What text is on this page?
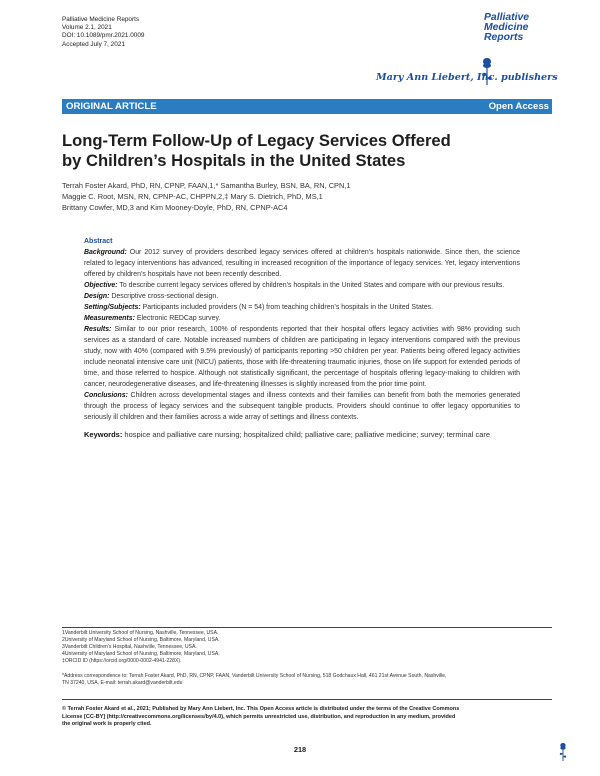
Palliative Medicine Reports
Volume 2.1, 2021
DOI: 10.1089/pmr.2021.0009
Accepted July 7, 2021
Palliative
Medicine
Reports
Mary Ann Liebert, Inc. publishers
ORIGINAL ARTICLE	Open Access
Long-Term Follow-Up of Legacy Services Offered
by Children’s Hospitals in the United States
Terrah Foster Akard, PhD, RN, CPNP, FAAN,1,* Samantha Burley, BSN, BA, RN, CPN,1
Maggie C. Root, MSN, RN, CPNP-AC, CHPPN,2,‡ Mary S. Dietrich, PhD, MS,1
Brittany Cowfer, MD,3 and Kim Mooney-Doyle, PhD, RN, CPNP-AC4
Abstract
Background: Our 2012 survey of providers described legacy services offered at children’s hospitals nationwide. Since then, the science related to legacy interventions has advanced, resulting in increased recognition of the importance of legacy services. Yet, legacy interventions offered by children’s hospitals have not been recently described.
Objective: To describe current legacy services offered by children’s hospitals in the United States and compare with our previous results.
Design: Descriptive cross-sectional design.
Setting/Subjects: Participants included providers (N = 54) from teaching children’s hospitals in the United States.
Measurements: Electronic REDCap survey.
Results: Similar to our prior research, 100% of respondents reported that their hospital offers legacy activities with 98% providing such services as a standard of care. Notable increased numbers of children are participating in legacy interventions compared with the previous study, now with 40% (compared with 9.5% previously) of participants reporting >50 children per year. Patients being offered legacy activities include neonatal intensive care unit (NICU) patients, those with life-threatening traumatic injuries, those on life support for extended periods of time, and those referred to hospice. Although not statistically significant, the percentage of hospitals offering legacy-making to children with cancer, neurodegenerative diseases, and life-threatening illnesses is slightly increased from the prior time point.
Conclusions: Children across developmental stages and illness contexts and their families can benefit from both the memories generated through the process of legacy services and the subsequent tangible products. Providers should continue to offer legacy opportunities to seriously ill children and their families across a wide array of settings and illness contexts.
Keywords: hospice and palliative care nursing; hospitalized child; palliative care; palliative medicine; survey; terminal care
1Vanderbilt University School of Nursing, Nashville, Tennessee, USA.
2University of Maryland School of Nursing, Baltimore, Maryland, USA.
3Vanderbilt Children’s Hospital, Nashville, Tennessee, USA.
4University of Maryland School of Nursing, Baltimore, Maryland, USA.
‡ORCID ID (https://orcid.org/0000-0002-4941-228X).
*Address correspondence to: Terrah Foster Akard, PhD, RN, CPNP, FAAN, Vanderbilt University School of Nursing, 518 Godchaux Hall, 461 21st Avenue South, Nashville,
TN 37240, USA, E-mail: terrah.akard@vanderbilt.edu
© Terrah Foster Akard et al., 2021; Published by Mary Ann Liebert, Inc. This Open Access article is distributed under the terms of the Creative Commons
License [CC-BY] (http://creativecommons.org/licenses/by/4.0), which permits unrestricted use, distribution, and reproduction in any medium, provided
the original work is properly cited.
218
